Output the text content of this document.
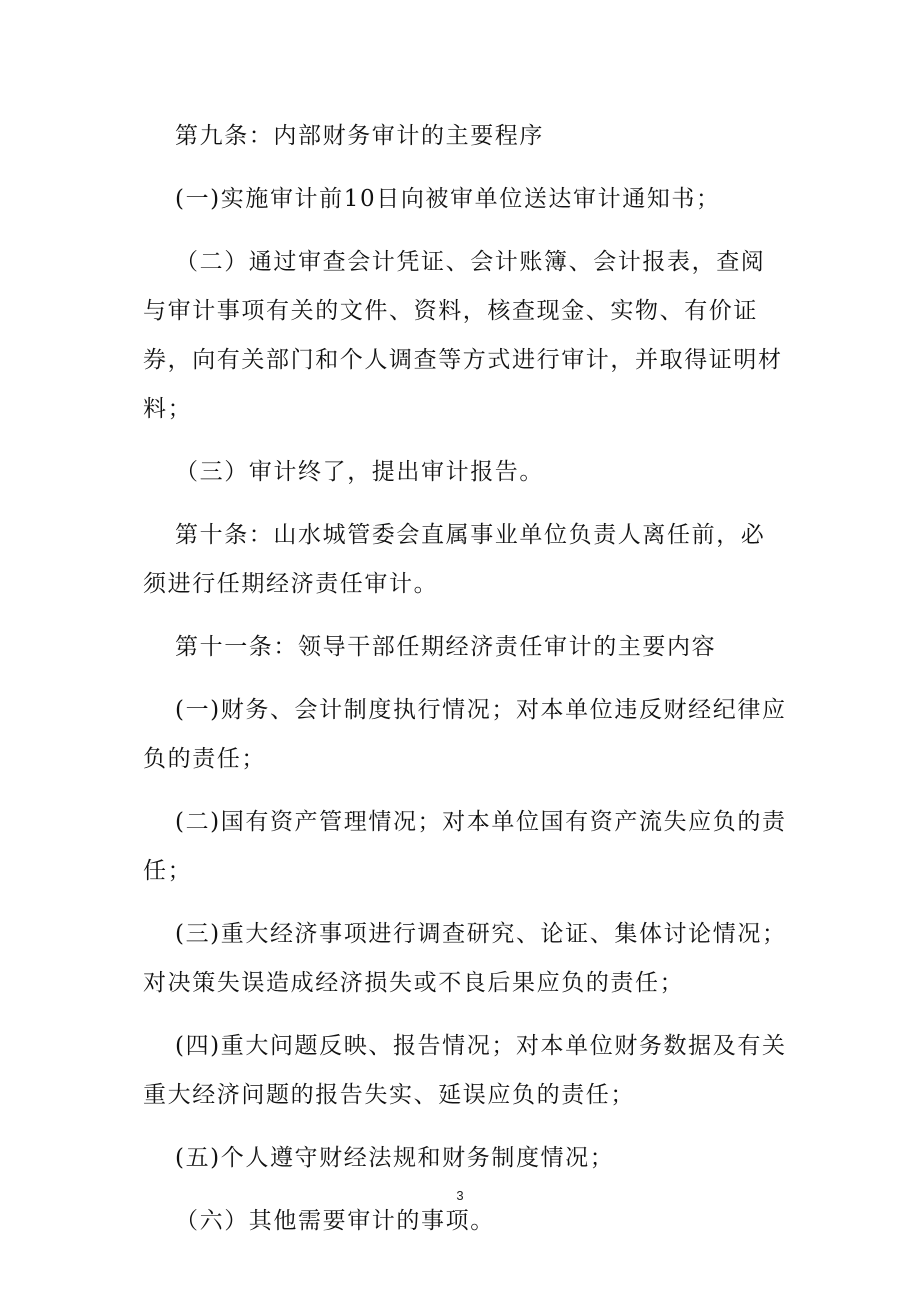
第九条：内部财务审计的主要程序

(一)实施审计前10日向被审单位送达审计通知书；

（二）通过审查会计凭证、会计账簿、会计报表，查阅与审计事项有关的文件、资料，核查现金、实物、有价证券，向有关部门和个人调查等方式进行审计，并取得证明材料；

（三）审计终了，提出审计报告。

第十条：山水城管委会直属事业单位负责人离任前，必须进行任期经济责任审计。

第十一条：领导干部任期经济责任审计的主要内容

(一)财务、会计制度执行情况；对本单位违反财经纪律应负的责任；

(二)国有资产管理情况；对本单位国有资产流失应负的责任；

(三)重大经济事项进行调查研究、论证、集体讨论情况；对决策失误造成经济损失或不良后果应负的责任；

(四)重大问题反映、报告情况；对本单位财务数据及有关重大经济问题的报告失实、延误应负的责任；

(五)个人遵守财经法规和财务制度情况；

（六）其他需要审计的事项。

3
